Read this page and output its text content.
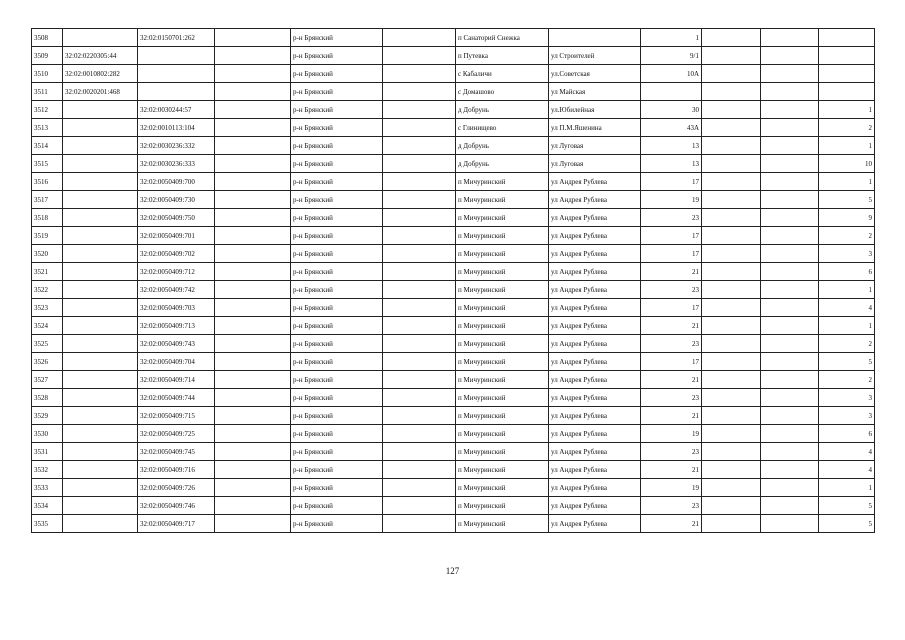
3508		32:02:0150701:262		р-н Брянский		п Санаторий Снежка		1			
3509	32:02:0220305:44			р-н Брянский		п Путевка	ул Строителей	9/1			
3510	32:02:0010802:282			р-н Брянский		с Кабаличи	ул.Советская	10А			
3511	32:02:0020201:468			р-н Брянский		с Домашово	ул Майская				
3512		32:02:0030244:57		р-н Брянский		д Добрунь	ул.Юбилейная	30			1
3513		32:02:0010113:104		р-н Брянский		с Глинищево	ул П.М.Яшенина	43А			2
3514		32:02:0030236:332		р-н Брянский		д Добрунь	ул Луговая	13			1
3515		32:02:0030236:333		р-н Брянский		д Добрунь	ул Луговая	13			10
3516		32:02:0050409:700		р-н Брянский		п Мичуринский	ул Андрея Рублева	17			1
3517		32:02:0050409:730		р-н Брянский		п Мичуринский	ул Андрея Рублева	19			5
3518		32:02:0050409:750		р-н Брянский		п Мичуринский	ул Андрея Рублева	23			9
3519		32:02:0050409:701		р-н Брянский		п Мичуринский	ул Андрея Рублева	17			2
3520		32:02:0050409:702		р-н Брянский		п Мичуринский	ул Андрея Рублева	17			3
3521		32:02:0050409:712		р-н Брянский		п Мичуринский	ул Андрея Рублева	21			6
3522		32:02:0050409:742		р-н Брянский		п Мичуринский	ул Андрея Рублева	23			1
3523		32:02:0050409:703		р-н Брянский		п Мичуринский	ул Андрея Рублева	17			4
3524		32:02:0050409:713		р-н Брянский		п Мичуринский	ул Андрея Рублева	21			1
3525		32:02:0050409:743		р-н Брянский		п Мичуринский	ул Андрея Рублева	23			2
3526		32:02:0050409:704		р-н Брянский		п Мичуринский	ул Андрея Рублева	17			5
3527		32:02:0050409:714		р-н Брянский		п Мичуринский	ул Андрея Рублева	21			2
3528		32:02:0050409:744		р-н Брянский		п Мичуринский	ул Андрея Рублева	23			3
3529		32:02:0050409:715		р-н Брянский		п Мичуринский	ул Андрея Рублева	21			3
3530		32:02:0050409:725		р-н Брянский		п Мичуринский	ул Андрея Рублева	19			6
3531		32:02:0050409:745		р-н Брянский		п Мичуринский	ул Андрея Рублева	23			4
3532		32:02:0050409:716		р-н Брянский		п Мичуринский	ул Андрея Рублева	21			4
3533		32:02:0050409:726		р-н Брянский		п Мичуринский	ул Андрея Рублева	19			1
3534		32:02:0050409:746		р-н Брянский		п Мичуринский	ул Андрея Рублева	23			5
3535		32:02:0050409:717		р-н Брянский		п Мичуринский	ул Андрея Рублева	21			5
127
